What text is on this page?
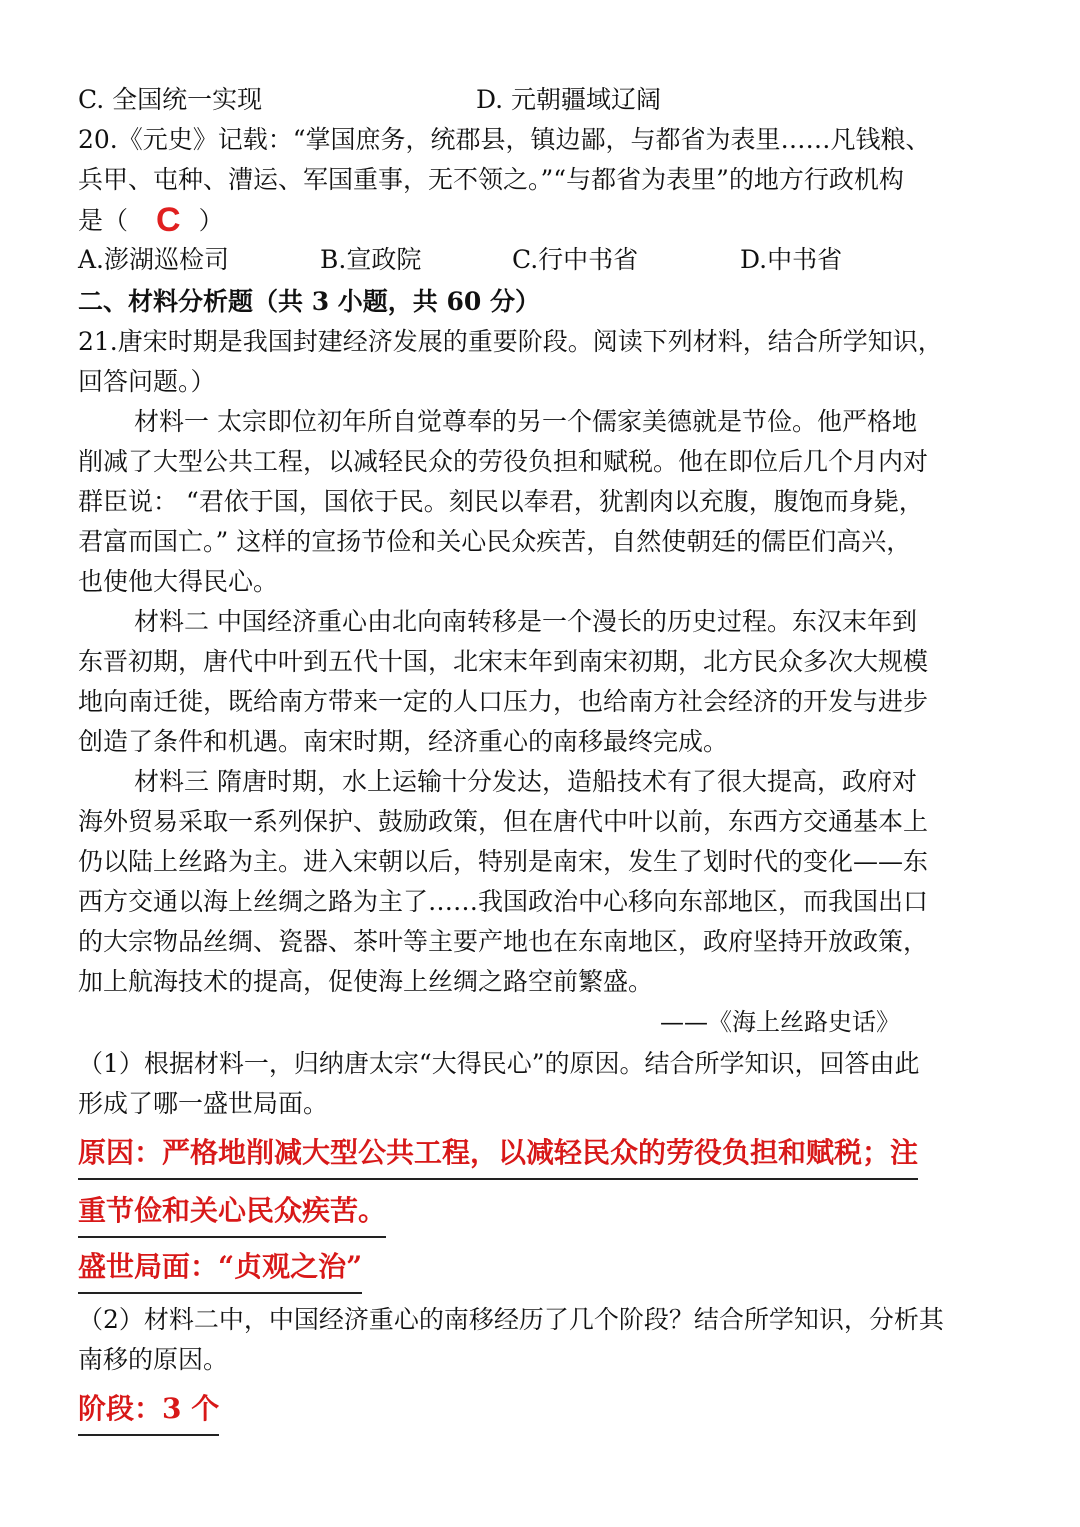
C. 全国统一实现	D. 元朝疆域辽阔
20.《元史》记载：“掌国庶务，统郡县，镇边鄙，与都省为表里……凡钱粮、
兵甲、屯种、漕运、军国重事，无不领之。”“与都省为表里”的地方行政机构
是（ C ）
A.澎湖巡检司	B.宣政院	C.行中书省	D.中书省
二、材料分析题（共 3 小题，共 60 分）
21.唐宋时期是我国封建经济发展的重要阶段。阅读下列材料，结合所学知识，
回答问题。）
材料一 太宗即位初年所自觉尊奉的另一个儒家美德就是节俭。他严格地
削减了大型公共工程，以减轻民众的劳役负担和赋税。他在即位后几个月内对
群臣说： “君依于国，国依于民。刻民以奉君，犹割肉以充腹，腹饱而身毙，
君富而国亡。” 这样的宣扬节俭和关心民众疾苦，自然使朝廷的儒臣们高兴，
也使他大得民心。
材料二 中国经济重心由北向南转移是一个漫长的历史过程。东汉末年到
东晋初期，唐代中叶到五代十国，北宋末年到南宋初期，北方民众多次大规模
地向南迁徙，既给南方带来一定的人口压力，也给南方社会经济的开发与进步
创造了条件和机遇。南宋时期，经济重心的南移最终完成。
材料三 隋唐时期，水上运输十分发达，造船技术有了很大提高，政府对
海外贸易采取一系列保护、鼓励政策，但在唐代中叶以前，东西方交通基本上
仍以陆上丝路为主。进入宋朝以后，特别是南宋，发生了划时代的变化——东
西方交通以海上丝绸之路为主了……我国政治中心移向东部地区，而我国出口
的大宗物品丝绸、瓷器、茶叶等主要产地也在东南地区，政府坚持开放政策，
加上航海技术的提高，促使海上丝绸之路空前繁盛。
——《海上丝路史话》
（1）根据材料一，归纳唐太宗“大得民心”的原因。结合所学知识，回答由此
形成了哪一盛世局面。
原因：严格地削减大型公共工程，以减轻民众的劳役负担和赋税；注
重节俭和关心民众疾苦。
盛世局面：“贞观之治”
（2）材料二中，中国经济重心的南移经历了几个阶段？结合所学知识，分析其
南移的原因。
阶段：3 个
